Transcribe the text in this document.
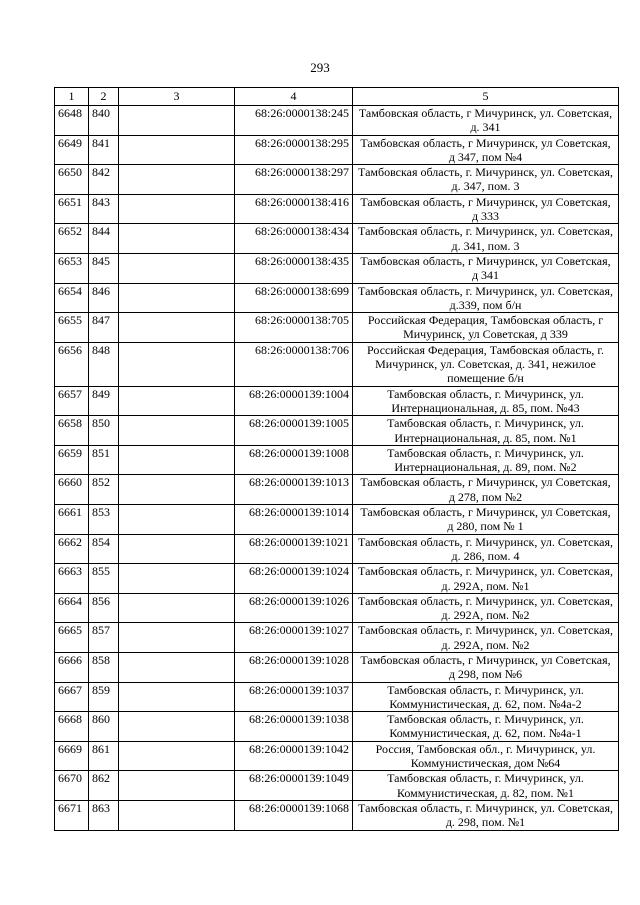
293
1	2	3	4	5
6648	840		68:26:0000138:245	Тамбовская область, г Мичуринск, ул. Советская, д. 341
6649	841		68:26:0000138:295	Тамбовская область, г Мичуринск, ул Советская, д 347, пом №4
6650	842		68:26:0000138:297	Тамбовская область, г. Мичуринск, ул. Советская, д. 347, пом. 3
6651	843		68:26:0000138:416	Тамбовская область, г Мичуринск, ул Советская, д 333
6652	844		68:26:0000138:434	Тамбовская область, г. Мичуринск, ул. Советская, д. 341, пом. 3
6653	845		68:26:0000138:435	Тамбовская область, г Мичуринск, ул Советская, д 341
6654	846		68:26:0000138:699	Тамбовская область, г. Мичуринск, ул. Советская, д.339, пом б/н
6655	847		68:26:0000138:705	Российская Федерация, Тамбовская область, г Мичуринск, ул Советская, д 339
6656	848		68:26:0000138:706	Российская Федерация, Тамбовская область, г. Мичуринск, ул. Советская, д. 341, нежилое помещение б/н
6657	849		68:26:0000139:1004	Тамбовская область, г. Мичуринск, ул. Интернациональная, д. 85, пом. №43
6658	850		68:26:0000139:1005	Тамбовская область, г. Мичуринск, ул. Интернациональная, д. 85, пом. №1
6659	851		68:26:0000139:1008	Тамбовская область, г. Мичуринск, ул. Интернациональная, д. 89, пом. №2
6660	852		68:26:0000139:1013	Тамбовская область, г Мичуринск, ул Советская, д 278, пом №2
6661	853		68:26:0000139:1014	Тамбовская область, г Мичуринск, ул Советская, д 280, пом № 1
6662	854		68:26:0000139:1021	Тамбовская область, г. Мичуринск, ул. Советская, д. 286, пом. 4
6663	855		68:26:0000139:1024	Тамбовская область, г. Мичуринск, ул. Советская, д. 292А, пом. №1
6664	856		68:26:0000139:1026	Тамбовская область, г. Мичуринск, ул. Советская, д. 292А, пом. №2
6665	857		68:26:0000139:1027	Тамбовская область, г. Мичуринск, ул. Советская, д. 292А, пом. №2
6666	858		68:26:0000139:1028	Тамбовская область, г Мичуринск, ул Советская, д 298, пом №6
6667	859		68:26:0000139:1037	Тамбовская область, г. Мичуринск, ул. Коммунистическая, д. 62, пом. №4а-2
6668	860		68:26:0000139:1038	Тамбовская область, г. Мичуринск, ул. Коммунистическая, д. 62, пом. №4а-1
6669	861		68:26:0000139:1042	Россия, Тамбовская обл., г. Мичуринск, ул. Коммунистическая, дом №64
6670	862		68:26:0000139:1049	Тамбовская область, г. Мичуринск, ул. Коммунистическая, д. 82, пом. №1
6671	863		68:26:0000139:1068	Тамбовская область, г. Мичуринск, ул. Советская, д. 298, пом. №1
